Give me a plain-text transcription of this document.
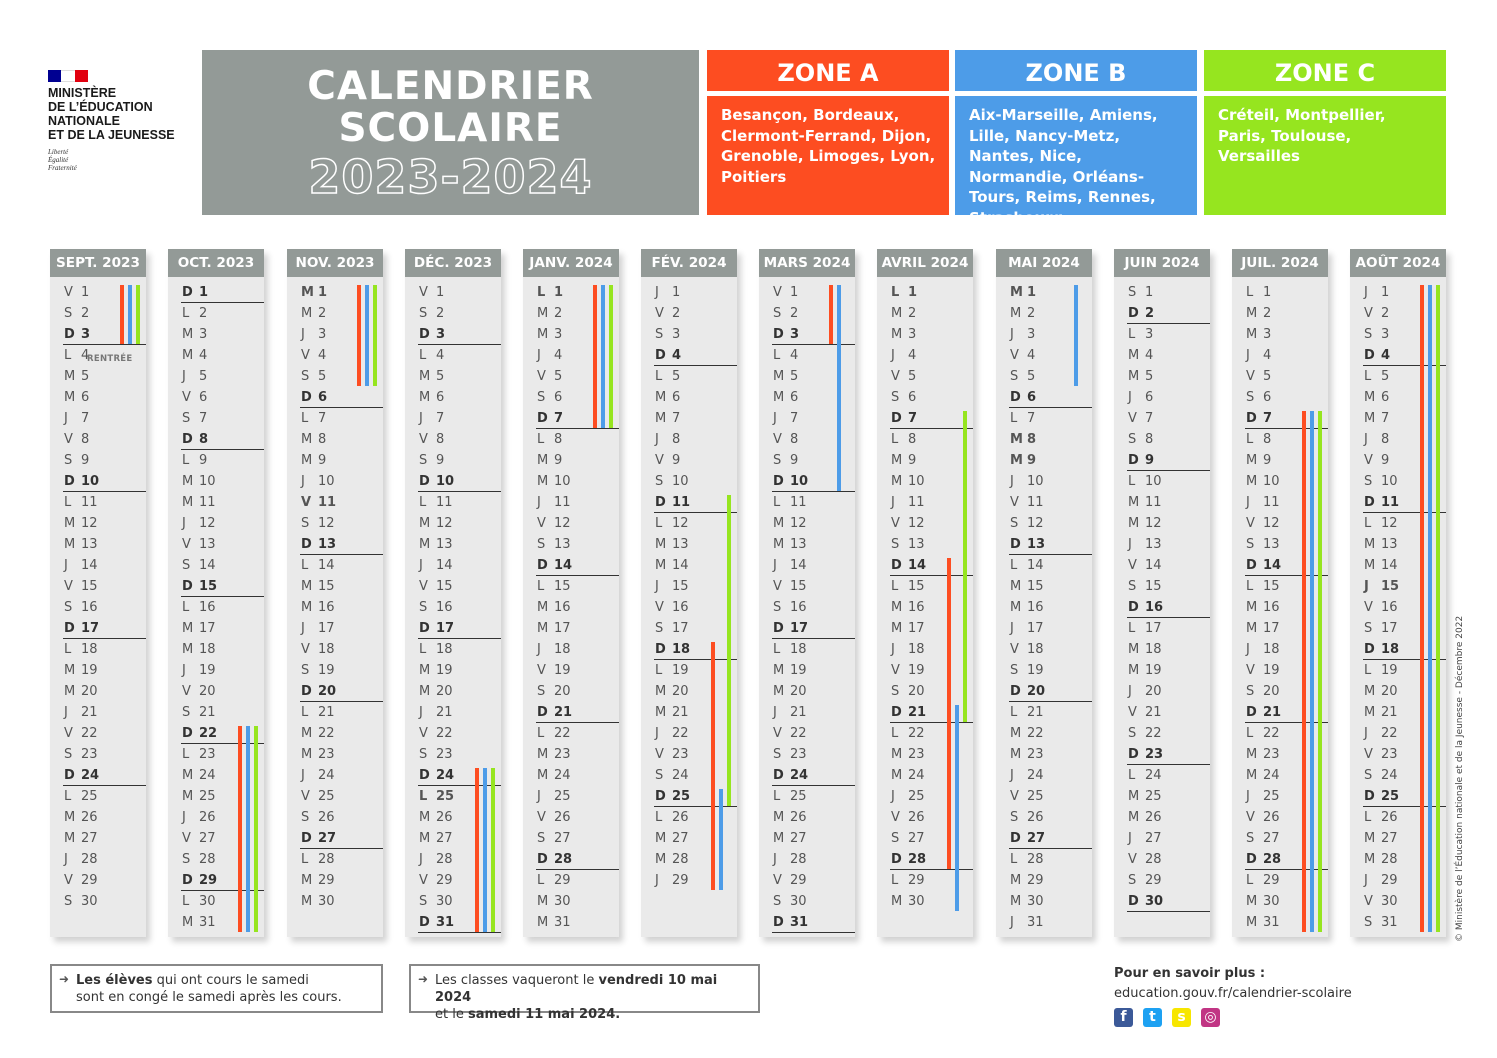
MINISTÈRE
DE L’ÉDUCATION
NATIONALE
ET DE LA JEUNESSE
Liberté
Égalité
Fraternité
CALENDRIER
SCOLAIRE
2023-2024
ZONE A
Besançon, Bordeaux, Clermont-Ferrand, Dijon, Grenoble, Limoges, Lyon, Poitiers
ZONE B
Aix-Marseille, Amiens, Lille, Nancy-Metz, Nantes, Nice, Normandie, Orléans-Tours, Reims, Rennes, Strasbourg
ZONE C
Créteil, Montpellier, Paris, Toulouse, Versailles
SEPT. 2023
V 1
S 2
D 3
L 4
RENTRÉE
M 5
M 6
J 7
V 8
S 9
D 10
L 11
M 12
M 13
J 14
V 15
S 16
D 17
L 18
M 19
M 20
J 21
V 22
S 23
D 24
L 25
M 26
M 27
J 28
V 29
S 30
OCT. 2023
D 1
L 2
M 3
M 4
J 5
V 6
S 7
D 8
L 9
M 10
M 11
J 12
V 13
S 14
D 15
L 16
M 17
M 18
J 19
V 20
S 21
D 22
L 23
M 24
M 25
J 26
V 27
S 28
D 29
L 30
M 31
NOV. 2023
M 1
M 2
J 3
V 4
S 5
D 6
L 7
M 8
M 9
J 10
V 11
S 12
D 13
L 14
M 15
M 16
J 17
V 18
S 19
D 20
L 21
M 22
M 23
J 24
V 25
S 26
D 27
L 28
M 29
M 30
DÉC. 2023
V 1
S 2
D 3
L 4
M 5
M 6
J 7
V 8
S 9
D 10
L 11
M 12
M 13
J 14
V 15
S 16
D 17
L 18
M 19
M 20
J 21
V 22
S 23
D 24
L 25
M 26
M 27
J 28
V 29
S 30
D 31
JANV. 2024
L 1
M 2
M 3
J 4
V 5
S 6
D 7
L 8
M 9
M 10
J 11
V 12
S 13
D 14
L 15
M 16
M 17
J 18
V 19
S 20
D 21
L 22
M 23
M 24
J 25
V 26
S 27
D 28
L 29
M 30
M 31
FÉV. 2024
J 1
V 2
S 3
D 4
L 5
M 6
M 7
J 8
V 9
S 10
D 11
L 12
M 13
M 14
J 15
V 16
S 17
D 18
L 19
M 20
M 21
J 22
V 23
S 24
D 25
L 26
M 27
M 28
J 29
MARS 2024
V 1
S 2
D 3
L 4
M 5
M 6
J 7
V 8
S 9
D 10
L 11
M 12
M 13
J 14
V 15
S 16
D 17
L 18
M 19
M 20
J 21
V 22
S 23
D 24
L 25
M 26
M 27
J 28
V 29
S 30
D 31
AVRIL 2024
L 1
M 2
M 3
J 4
V 5
S 6
D 7
L 8
M 9
M 10
J 11
V 12
S 13
D 14
L 15
M 16
M 17
J 18
V 19
S 20
D 21
L 22
M 23
M 24
J 25
V 26
S 27
D 28
L 29
M 30
MAI 2024
M 1
M 2
J 3
V 4
S 5
D 6
L 7
M 8
M 9
J 10
V 11
S 12
D 13
L 14
M 15
M 16
J 17
V 18
S 19
D 20
L 21
M 22
M 23
J 24
V 25
S 26
D 27
L 28
M 29
M 30
J 31
JUIN 2024
S 1
D 2
L 3
M 4
M 5
J 6
V 7
S 8
D 9
L 10
M 11
M 12
J 13
V 14
S 15
D 16
L 17
M 18
M 19
J 20
V 21
S 22
D 23
L 24
M 25
M 26
J 27
V 28
S 29
D 30
JUIL. 2024
L 1
M 2
M 3
J 4
V 5
S 6
D 7
L 8
M 9
M 10
J 11
V 12
S 13
D 14
L 15
M 16
M 17
J 18
V 19
S 20
D 21
L 22
M 23
M 24
J 25
V 26
S 27
D 28
L 29
M 30
M 31
AOÛT 2024
J 1
V 2
S 3
D 4
L 5
M 6
M 7
J 8
V 9
S 10
D 11
L 12
M 13
M 14
J 15
V 16
S 17
D 18
L 19
M 20
M 21
J 22
V 23
S 24
D 25
L 26
M 27
M 28
J 29
V 30
S 31
➜ Les élèves qui ont cours le samedi
sont en congé le samedi après les cours.
➜ Les classes vaqueront le vendredi 10 mai 2024
et le samedi 11 mai 2024.
Pour en savoir plus :
education.gouv.fr/calendrier-scolaire
f	t	s	◎
© Ministère de l’Éducation nationale et de la Jeunesse - Décembre 2022
